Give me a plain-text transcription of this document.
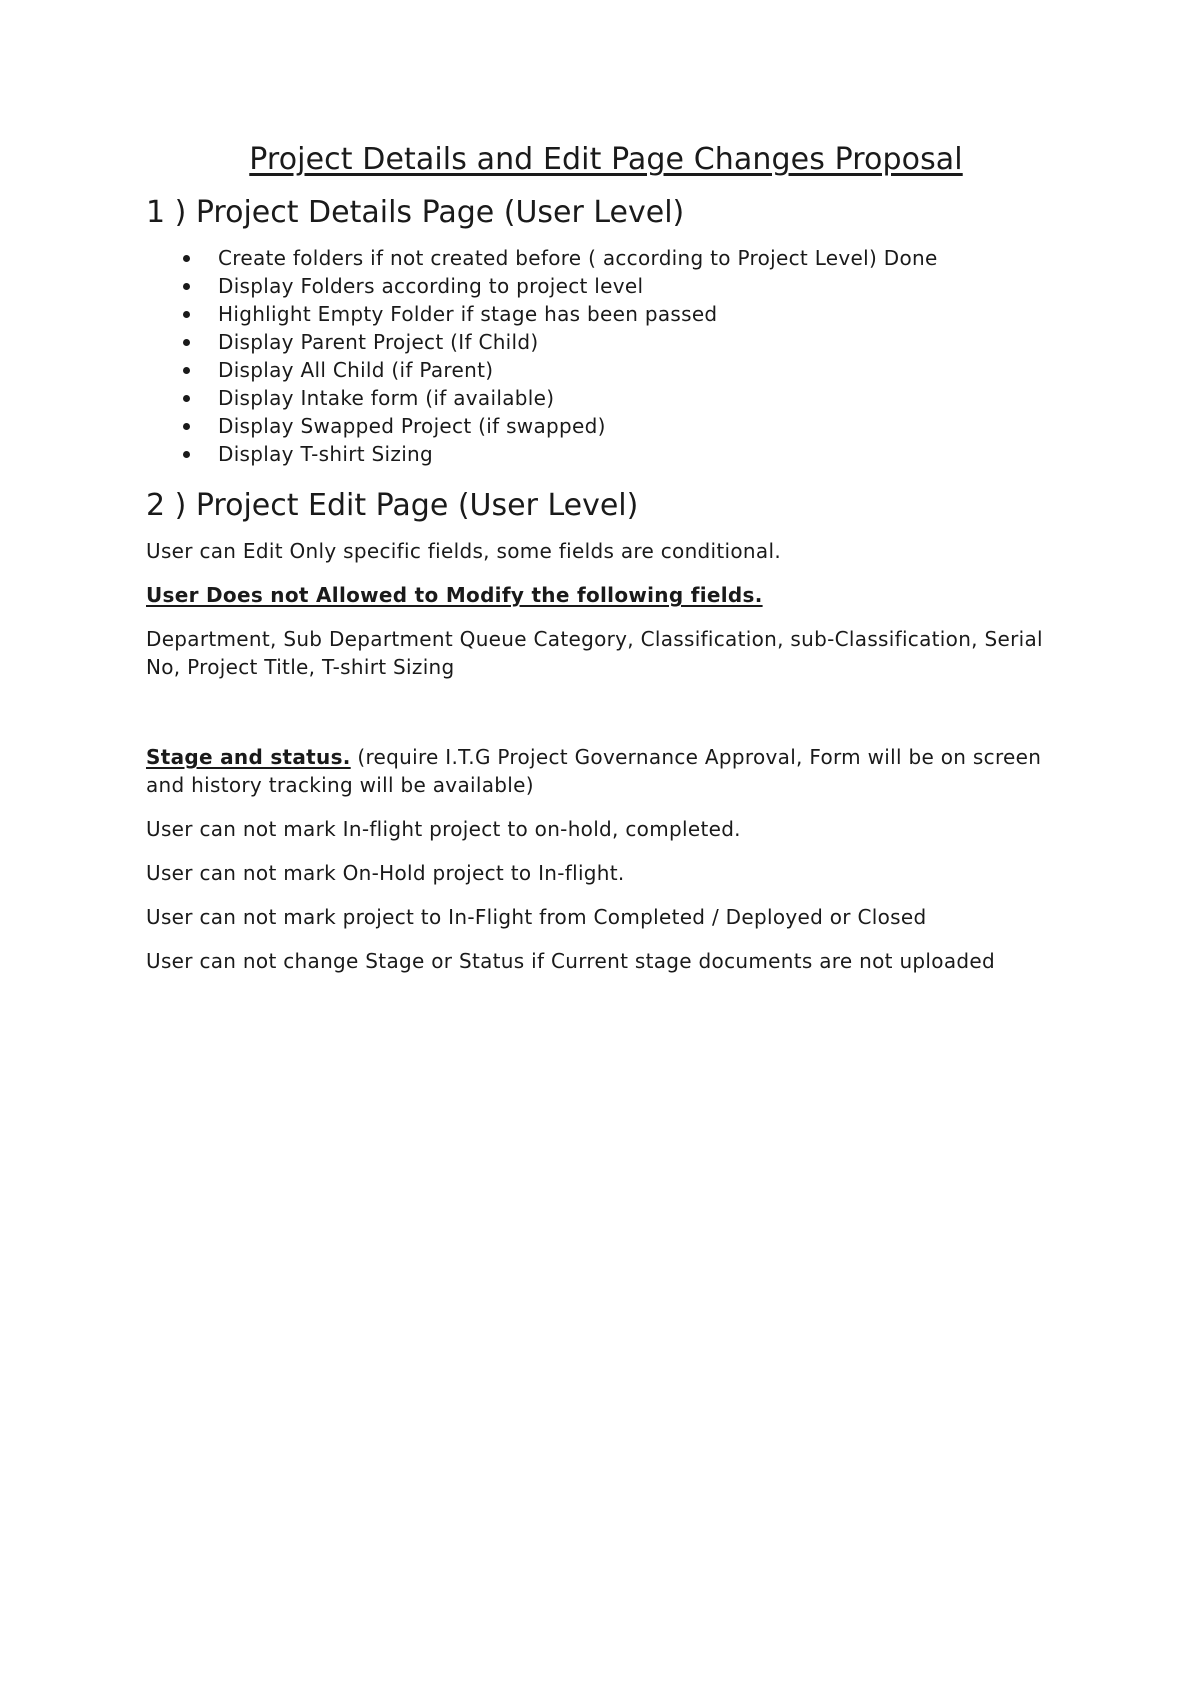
Project Details and Edit Page Changes Proposal
1 ) Project Details Page (User Level)
Create folders if not created before ( according to Project Level) Done
Display Folders according to project level
Highlight Empty Folder if stage has been passed
Display Parent Project (If Child)
Display All Child (if Parent)
Display Intake form (if available)
Display Swapped Project (if swapped)
Display T-shirt Sizing
2 ) Project Edit Page (User Level)

User can Edit Only specific fields, some fields are conditional.

User Does not Allowed to Modify the following fields.

Department, Sub Department Queue Category, Classification, sub-Classification, Serial No, Project Title, T-shirt Sizing

Stage and status. (require I.T.G Project Governance Approval, Form will be on screen and history tracking will be available)

User can not mark In-flight project to on-hold, completed.

User can not mark On-Hold project to In-flight.

User can not mark project to In-Flight from Completed / Deployed or Closed

User can not change Stage or Status if Current stage documents are not uploaded
